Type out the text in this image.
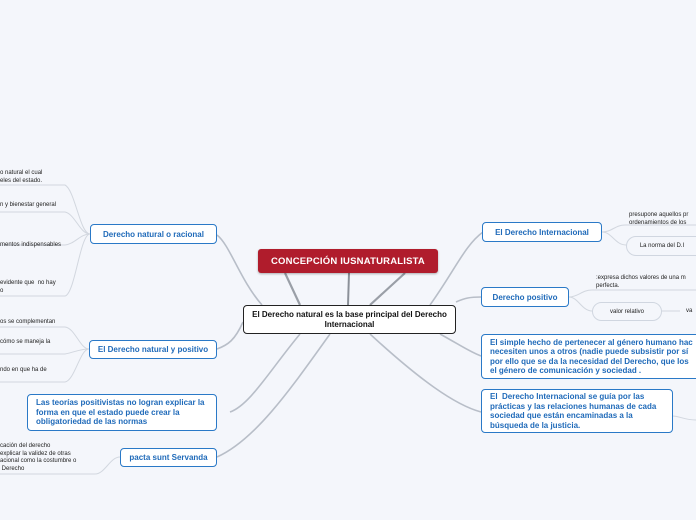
CONCEPCIÓN IUSNATURALISTA
El Derecho natural es la base principal del Derecho Internacional
Derecho natural o racional
o natural el cual
eles del estado.
n y bienestar general
mentos indispensables
evidente que  no hay
o
El Derecho natural y positivo
os se complementan
cómo se maneja la
ndo en que ha de
Las teorías positivistas no logran explicar la forma en que el estado puede crear la obligatoriedad de las normas
pacta sunt Servanda
cación del derecho
explicar la validez de otras
acional como la costumbre o
Derecho
El Derecho Internacional
presupone aquellos pr
ordenamientos de los
La norma del D.I
Derecho positivo
:expresa dichos valores de una m
perfecta.
valor relativo	va
El simple hecho de pertenecer al género humano hac
necesiten unos a otros (nadie puede subsistir por sí
por ello que se da la necesidad del Derecho, que los
el género de comunicación y sociedad .
El  Derecho Internacional se guía por las
prácticas y las relaciones humanas de cada
sociedad que están encaminadas a la
búsqueda de la justicia.
